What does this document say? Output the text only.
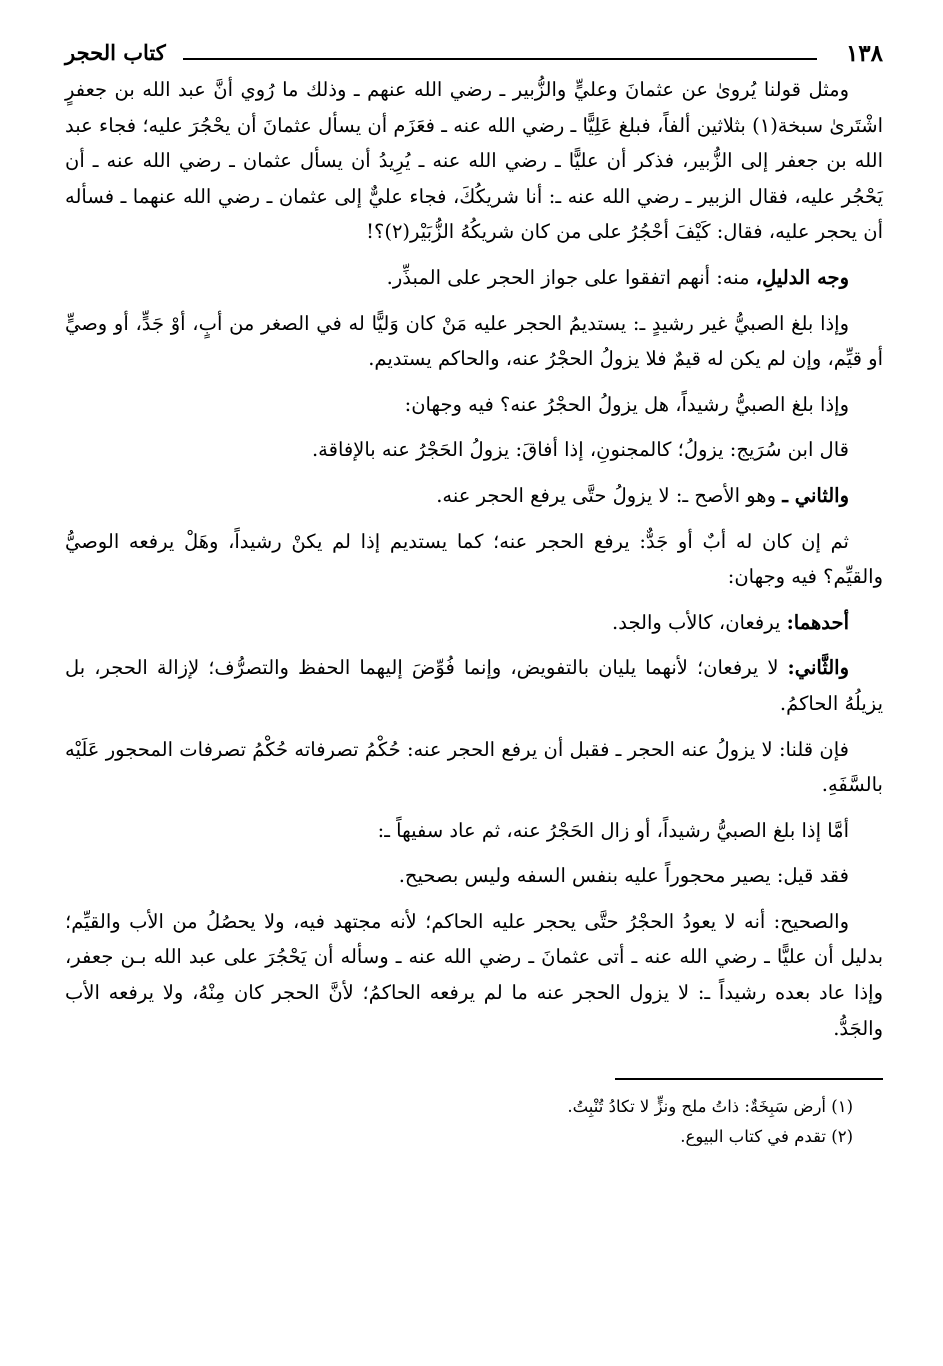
١٣٨
كتاب الحجر

ومثل قولنا يُروىٰ عن عثمانَ وعليٍّ والزُّبير ـ رضي الله عنهم ـ وذلك ما رُوي أنَّ عبد الله بن جعفرٍ اشْتَرىٰ سبخة(١) بثلاثين ألفاً، فبلغ عَلِيًّا ـ رضي الله عنه ـ فعَزَم أن يسأل عثمانَ أن يحْجُرَ عليه؛ فجاء عبد الله بن جعفر إلى الزُّبير، فذكر أن عليًّا ـ رضي الله عنه ـ يُرِيدُ أن يسأل عثمان ـ رضي الله عنه ـ أن يَحْجُر عليه، فقال الزبير ـ رضي الله عنه ـ: أنا شريكُكَ، فجاء عليٌّ إلى عثمان ـ رضي الله عنهما ـ فسأله أن يحجر عليه، فقال: كَيْفَ أحْجُرُ على من كان شريكُهُ الزُّبَيْر(٢)؟!

وجه الدليلِ، منه: أنهم اتفقوا على جواز الحجر على المبذِّر.

وإذا بلغ الصبيُّ غير رشيدٍ ـ: يستديمُ الحجر عليه مَنْ كان وَليًّا له في الصغر من أبٍ، أوْ جَدٍّ، أو وصيٍّ أو قيِّم، وإن لم يكن له قيمٌ فلا يزولُ الحجْرُ عنه، والحاكم يستديم.

وإذا بلغ الصبيُّ رشيداً، هل يزولُ الحجْرُ عنه؟ فيه وجهان:

قال ابن سُرَيج: يزولُ؛ كالمجنونِ، إذا أفاقَ: يزولُ الحَجْرُ عنه بالإفاقة.

والثاني ـ وهو الأصح ـ: لا يزولُ حتَّى يرفع الحجر عنه.

ثم إن كان له أبٌ أو جَدٌّ: يرفع الحجر عنه؛ كما يستديم إذا لم يكنْ رشيداً، وهَلْ يرفعه الوصيُّ والقيِّم؟ فيه وجهان:

أحدهما: يرفعان، كالأب والجد.

والثَّاني: لا يرفعان؛ لأنهما يليان بالتفويض، وإنما فُوِّضَ إليهما الحفظ والتصرُّف؛ لإزالة الحجر، بل يزيلُهُ الحاكمُ.

فإن قلنا: لا يزولُ عنه الحجر ـ فقبل أن يرفع الحجر عنه: حُكْمُ تصرفاته حُكْمُ تصرفات المحجور عَلَيْه بالسَّفَهِ.

أمَّا إذا بلغ الصبيُّ رشيداً، أو زال الحَجْرُ عنه، ثم عاد سفيهاً ـ:

فقد قيل: يصير محجوراً عليه بنفس السفه وليس بصحيح.

والصحيح: أنه لا يعودُ الحجْرُ حتَّى يحجر عليه الحاكم؛ لأنه مجتهد فيه، ولا يحصُلُ من الأب والقيِّم؛ بدليل أن عليًّا ـ رضي الله عنه ـ أتى عثمانَ ـ رضي الله عنه ـ وسأله أن يَحْجُرَ على عبد الله بـن جعفر، وإذا عاد بعده رشيداً ـ: لا يزول الحجر عنه ما لم يرفعه الحاكمُ؛ لأنَّ الحجر كان مِنْهُ، ولا يرفعه الأب والجَدُّ.

(١) أرض سَبِخَةٌ: ذاتُ ملح ونزٍّ لا تكادُ تُنْبِتُ.
(٢) تقدم في كتاب البيوع.
